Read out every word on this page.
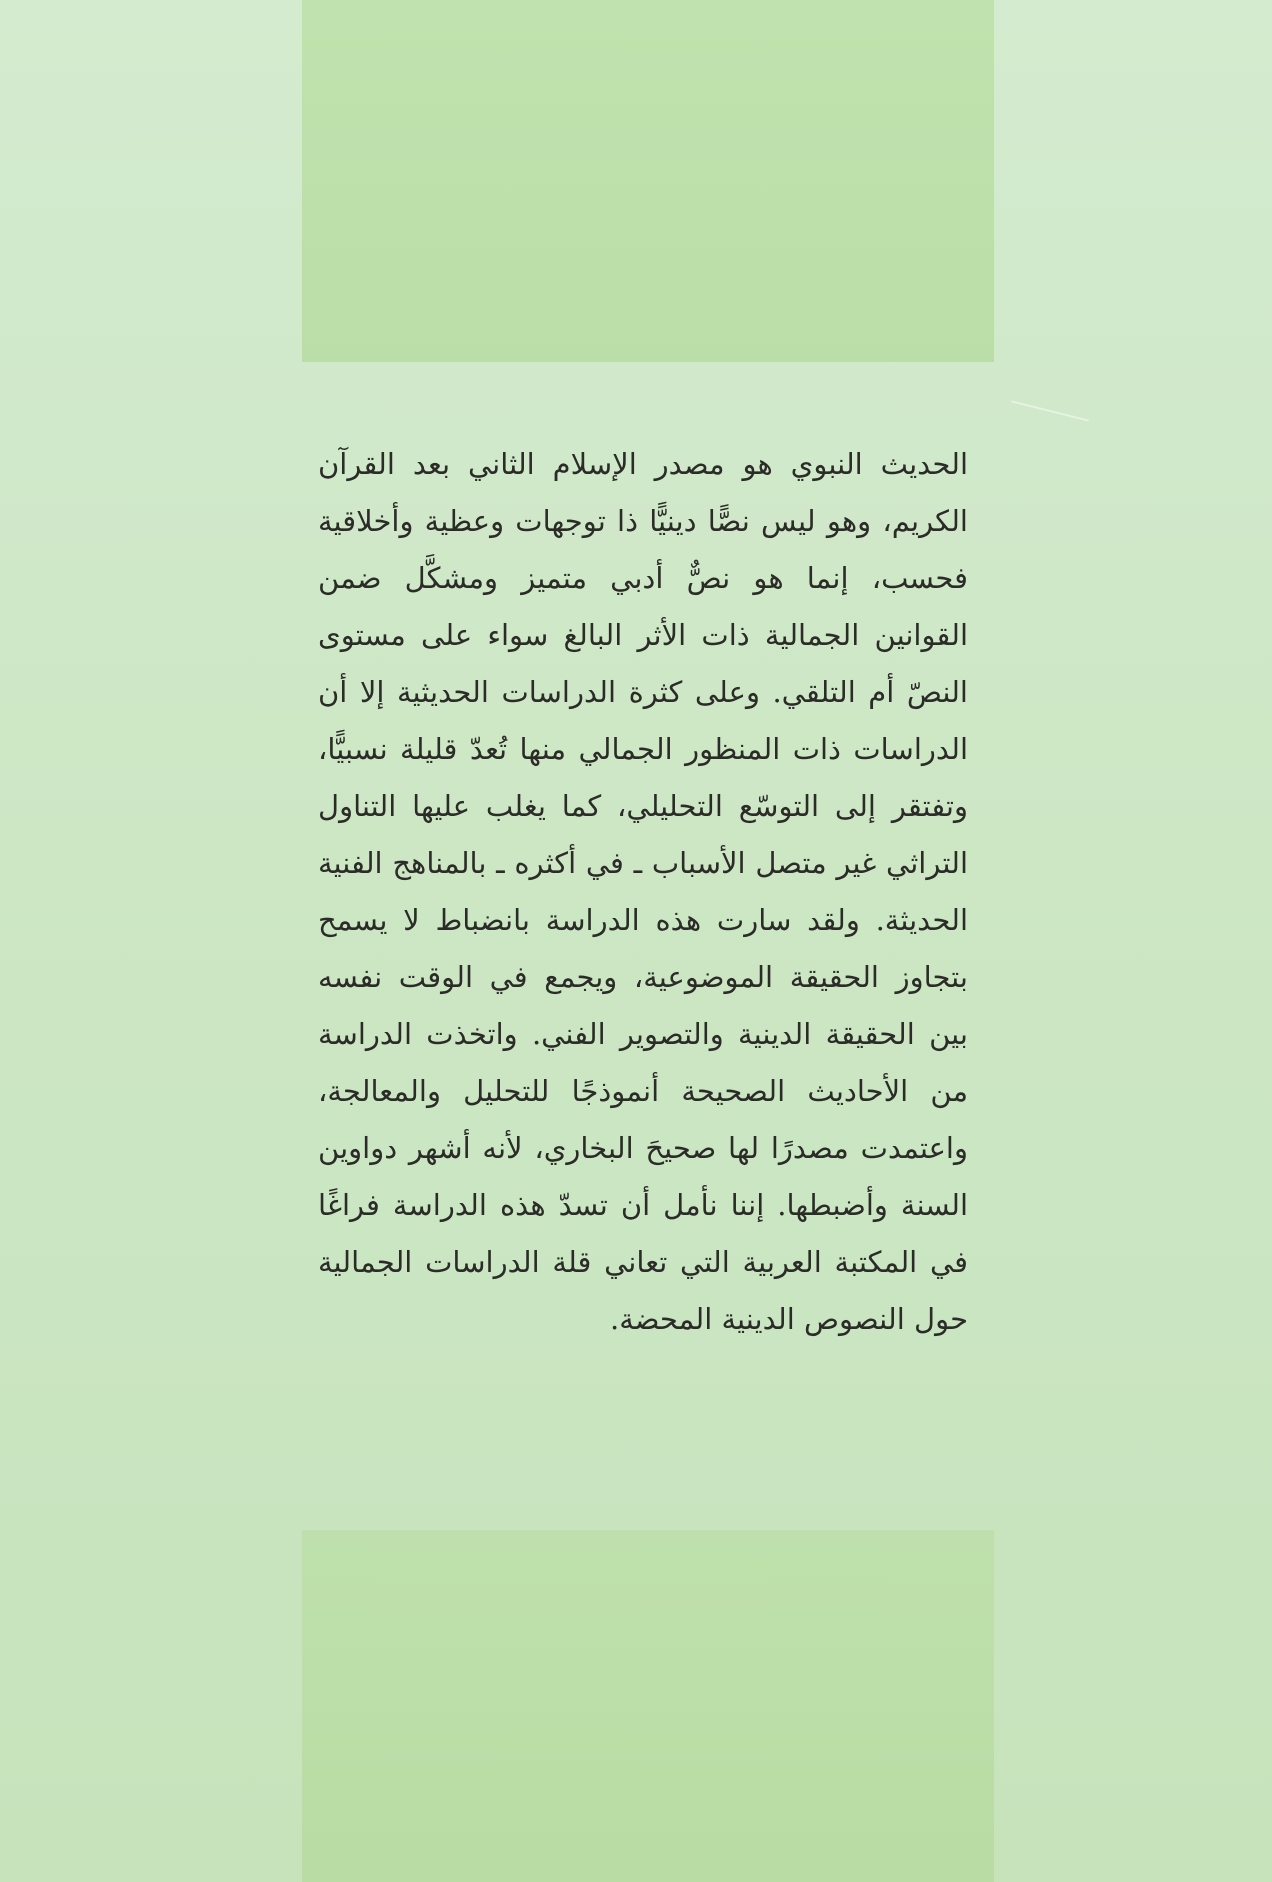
الحديث النبوي هو مصدر الإسلام الثاني بعد القرآن الكريم، وهو ليس نصًّا دينيًّا ذا توجهات وعظية وأخلاقية فحسب، إنما هو نصٌّ أدبي متميز ومشكَّل ضمن القوانين الجمالية ذات الأثر البالغ سواء على مستوى النصّ أم التلقي. وعلى كثرة الدراسات الحديثية إلا أن الدراسات ذات المنظور الجمالي منها تُعدّ قليلة نسبيًّا، وتفتقر إلى التوسّع التحليلي، كما يغلب عليها التناول التراثي غير متصل الأسباب ـ في أكثره ـ بالمناهج الفنية الحديثة. ولقد سارت هذه الدراسة بانضباط لا يسمح بتجاوز الحقيقة الموضوعية، ويجمع في الوقت نفسه بين الحقيقة الدينية والتصوير الفني. واتخذت الدراسة من الأحاديث الصحيحة أنموذجًا للتحليل والمعالجة، واعتمدت مصدرًا لها صحيحَ البخاري، لأنه أشهر دواوين السنة وأضبطها. إننا نأمل أن تسدّ هذه الدراسة فراغًا في المكتبة العربية التي تعاني قلة الدراسات الجمالية حول النصوص الدينية المحضة.
